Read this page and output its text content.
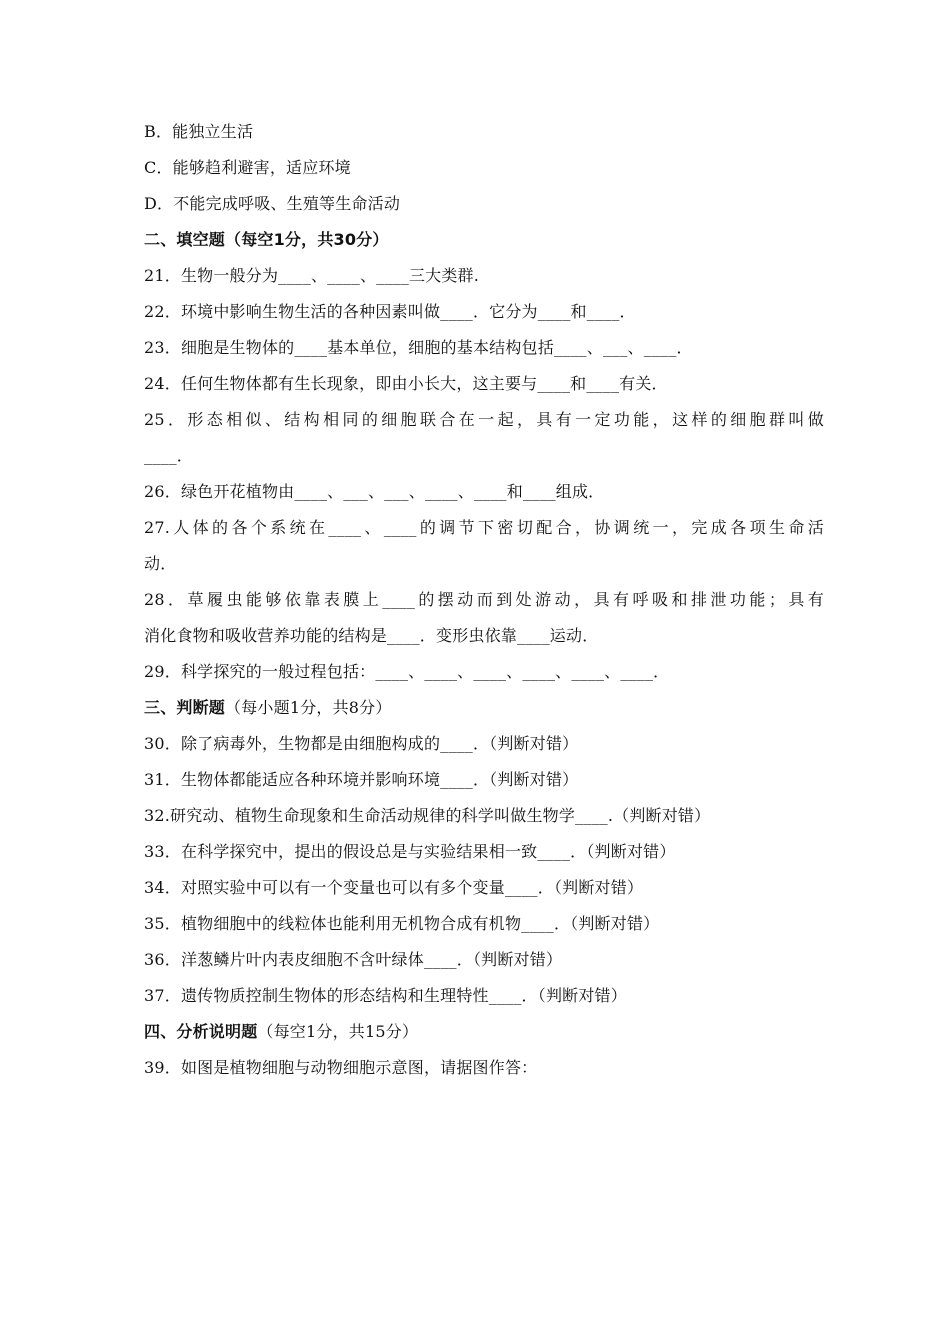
B．能独立生活
C．能够趋利避害，适应环境
D．不能完成呼吸、生殖等生命活动
二、填空题（每空1分，共30分）
21．生物一般分为____、____、____三大类群.
22．环境中影响生物生活的各种因素叫做____．它分为____和____．
23．细胞是生物体的____基本单位，细胞的基本结构包括____、___、____．
24．任何生物体都有生长现象，即由小长大，这主要与____和____有关．
25．形态相似、结构相同的细胞联合在一起，具有一定功能，这样的细胞群叫做
____．
26．绿色开花植物由____、___、___、____、____和____组成．
27.人体的各个系统在____、____的调节下密切配合，协调统一，完成各项生命活
动．
28．草履虫能够依靠表膜上____的摆动而到处游动，具有呼吸和排泄功能；具有
消化食物和吸收营养功能的结构是____．变形虫依靠____运动．
29．科学探究的一般过程包括：____、____、____、____、____、____．
三、判断题（每小题1分，共8分）
30．除了病毒外，生物都是由细胞构成的____．（判断对错）
31．生物体都能适应各种环境并影响环境____．（判断对错）
32.研究动、植物生命现象和生命活动规律的科学叫做生物学____.（判断对错）
33．在科学探究中，提出的假设总是与实验结果相一致____．（判断对错）
34．对照实验中可以有一个变量也可以有多个变量____．（判断对错）
35．植物细胞中的线粒体也能利用无机物合成有机物____．（判断对错）
36．洋葱鳞片叶内表皮细胞不含叶绿体____．（判断对错）
37．遗传物质控制生物体的形态结构和生理特性____．（判断对错）
四、分析说明题（每空1分，共15分）
39．如图是植物细胞与动物细胞示意图，请据图作答：
